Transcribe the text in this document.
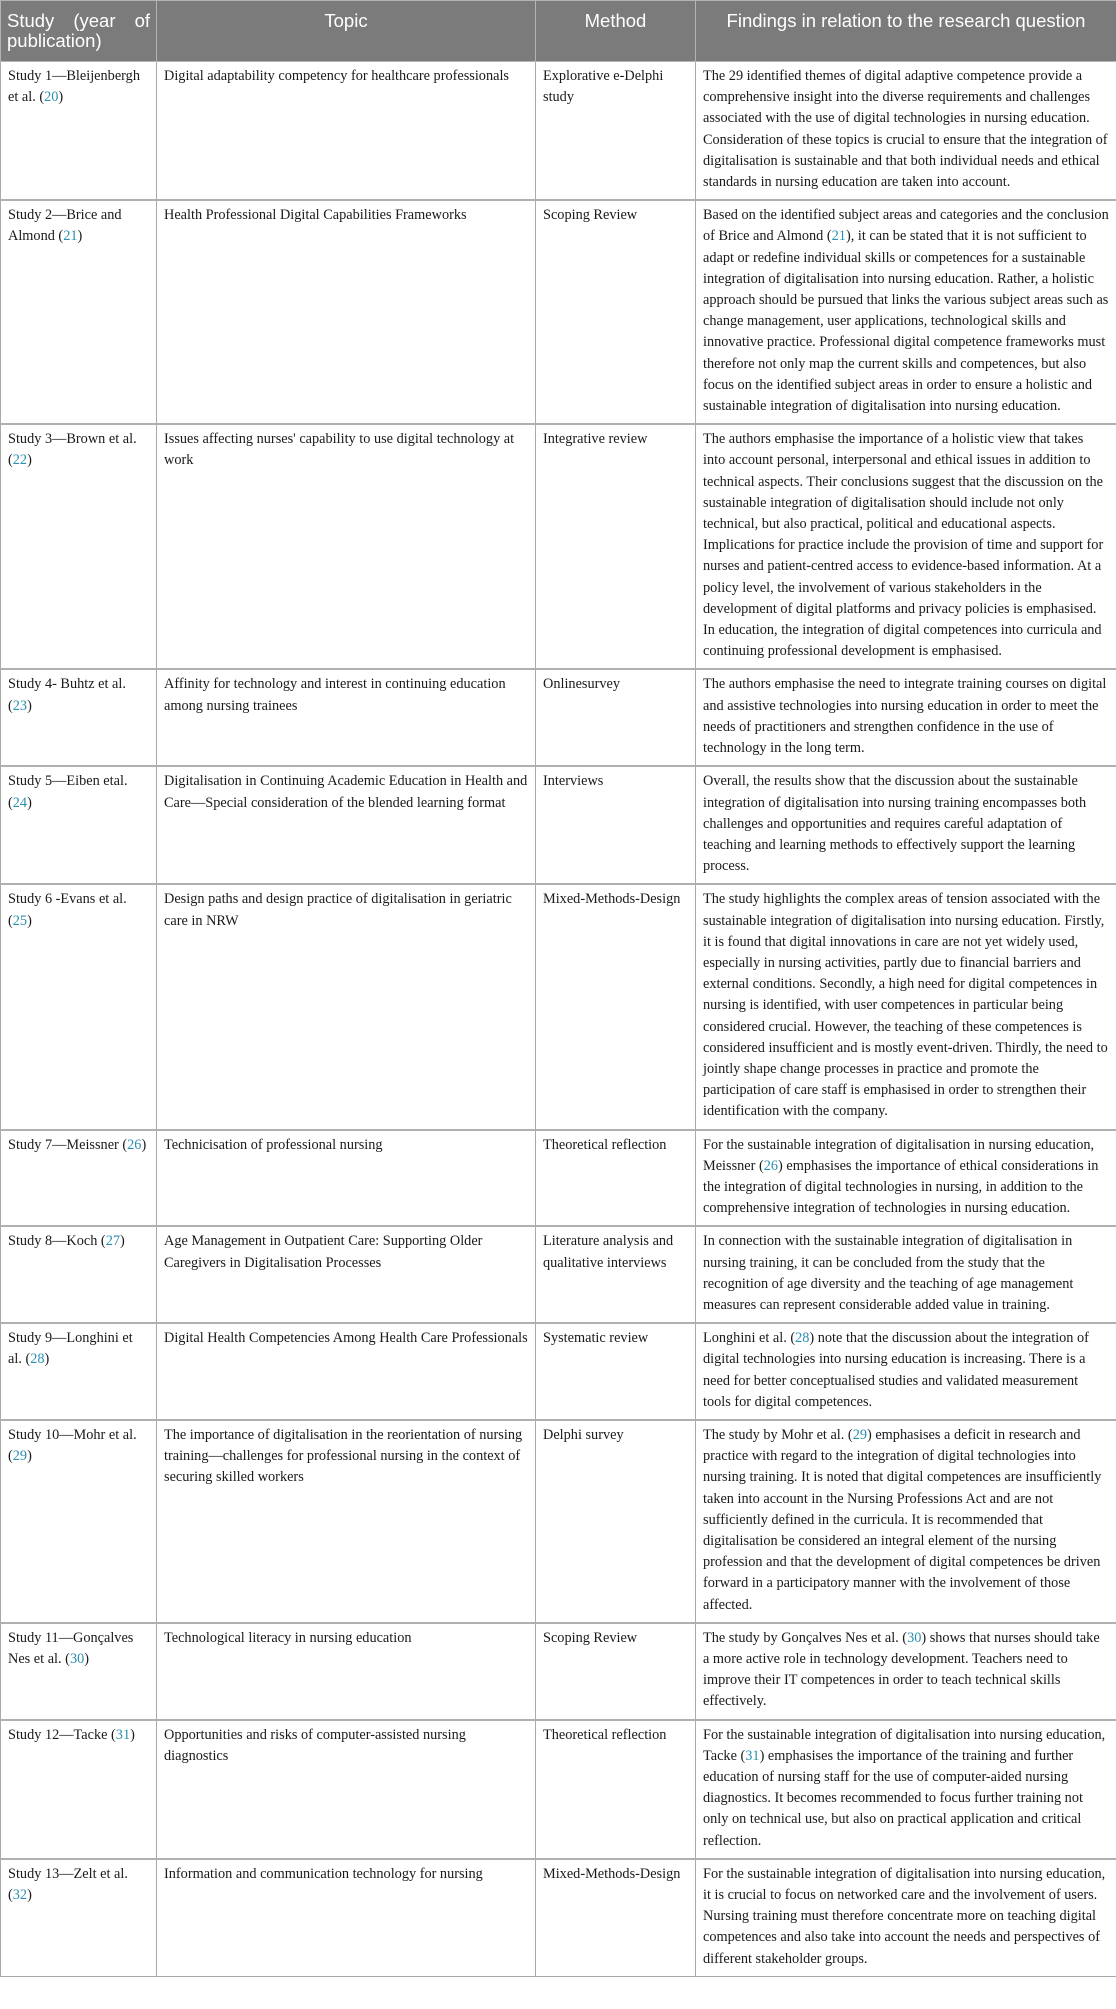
Study (year of publication)	Topic	Method	Findings in relation to the research question
Study 1—Bleijenbergh et al. (20)	Digital adaptability competency for healthcare professionals	Explorative e-Delphi study	The 29 identified themes of digital adaptive competence provide a comprehensive insight into the diverse requirements and challenges associated with the use of digital technologies in nursing education. Consideration of these topics is crucial to ensure that the integration of digitalisation is sustainable and that both individual needs and ethical standards in nursing education are taken into account.
Study 2—Brice and Almond (21)	Health Professional Digital Capabilities Frameworks	Scoping Review	Based on the identified subject areas and categories and the conclusion of Brice and Almond (21), it can be stated that it is not sufficient to adapt or redefine individual skills or competences for a sustainable integration of digitalisation into nursing education. Rather, a holistic approach should be pursued that links the various subject areas such as change management, user applications, technological skills and innovative practice. Professional digital competence frameworks must therefore not only map the current skills and competences, but also focus on the identified subject areas in order to ensure a holistic and sustainable integration of digitalisation into nursing education.
Study 3—Brown et al. (22)	Issues affecting nurses' capability to use digital technology at work	Integrative review	The authors emphasise the importance of a holistic view that takes into account personal, interpersonal and ethical issues in addition to technical aspects. Their conclusions suggest that the discussion on the sustainable integration of digitalisation should include not only technical, but also practical, political and educational aspects. Implications for practice include the provision of time and support for nurses and patient-centred access to evidence-based information. At a policy level, the involvement of various stakeholders in the development of digital platforms and privacy policies is emphasised. In education, the integration of digital competences into curricula and continuing professional development is emphasised.
Study 4- Buhtz et al. (23)	Affinity for technology and interest in continuing education among nursing trainees	Onlinesurvey	The authors emphasise the need to integrate training courses on digital and assistive technologies into nursing education in order to meet the needs of practitioners and strengthen confidence in the use of technology in the long term.
Study 5—Eiben etal. (24)	Digitalisation in Continuing Academic Education in Health and Care—Special consideration of the blended learning format	Interviews	Overall, the results show that the discussion about the sustainable integration of digitalisation into nursing training encompasses both challenges and opportunities and requires careful adaptation of teaching and learning methods to effectively support the learning process.
Study 6 -Evans et al. (25)	Design paths and design practice of digitalisation in geriatric care in NRW	Mixed-Methods-Design	The study highlights the complex areas of tension associated with the sustainable integration of digitalisation into nursing education. Firstly, it is found that digital innovations in care are not yet widely used, especially in nursing activities, partly due to financial barriers and external conditions. Secondly, a high need for digital competences in nursing is identified, with user competences in particular being considered crucial. However, the teaching of these competences is considered insufficient and is mostly event-driven. Thirdly, the need to jointly shape change processes in practice and promote the participation of care staff is emphasised in order to strengthen their identification with the company.
Study 7—Meissner (26)	Technicisation of professional nursing	Theoretical reflection	For the sustainable integration of digitalisation in nursing education, Meissner (26) emphasises the importance of ethical considerations in the integration of digital technologies in nursing, in addition to the comprehensive integration of technologies in nursing education.
Study 8—Koch (27)	Age Management in Outpatient Care: Supporting Older Caregivers in Digitalisation Processes	Literature analysis and qualitative interviews	In connection with the sustainable integration of digitalisation in nursing training, it can be concluded from the study that the recognition of age diversity and the teaching of age management measures can represent considerable added value in training.
Study 9—Longhini et al. (28)	Digital Health Competencies Among Health Care Professionals	Systematic review	Longhini et al. (28) note that the discussion about the integration of digital technologies into nursing education is increasing. There is a need for better conceptualised studies and validated measurement tools for digital competences.
Study 10—Mohr et al. (29)	The importance of digitalisation in the reorientation of nursing training—challenges for professional nursing in the context of securing skilled workers	Delphi survey	The study by Mohr et al. (29) emphasises a deficit in research and practice with regard to the integration of digital technologies into nursing training. It is noted that digital competences are insufficiently taken into account in the Nursing Professions Act and are not sufficiently defined in the curricula. It is recommended that digitalisation be considered an integral element of the nursing profession and that the development of digital competences be driven forward in a participatory manner with the involvement of those affected.
Study 11—Gonçalves Nes et al. (30)	Technological literacy in nursing education	Scoping Review	The study by Gonçalves Nes et al. (30) shows that nurses should take a more active role in technology development. Teachers need to improve their IT competences in order to teach technical skills effectively.
Study 12—Tacke (31)	Opportunities and risks of computer-assisted nursing diagnostics	Theoretical reflection	For the sustainable integration of digitalisation into nursing education, Tacke (31) emphasises the importance of the training and further education of nursing staff for the use of computer-aided nursing diagnostics. It becomes recommended to focus further training not only on technical use, but also on practical application and critical reflection.
Study 13—Zelt et al. (32)	Information and communication technology for nursing	Mixed-Methods-Design	For the sustainable integration of digitalisation into nursing education, it is crucial to focus on networked care and the involvement of users. Nursing training must therefore concentrate more on teaching digital competences and also take into account the needs and perspectives of different stakeholder groups.
